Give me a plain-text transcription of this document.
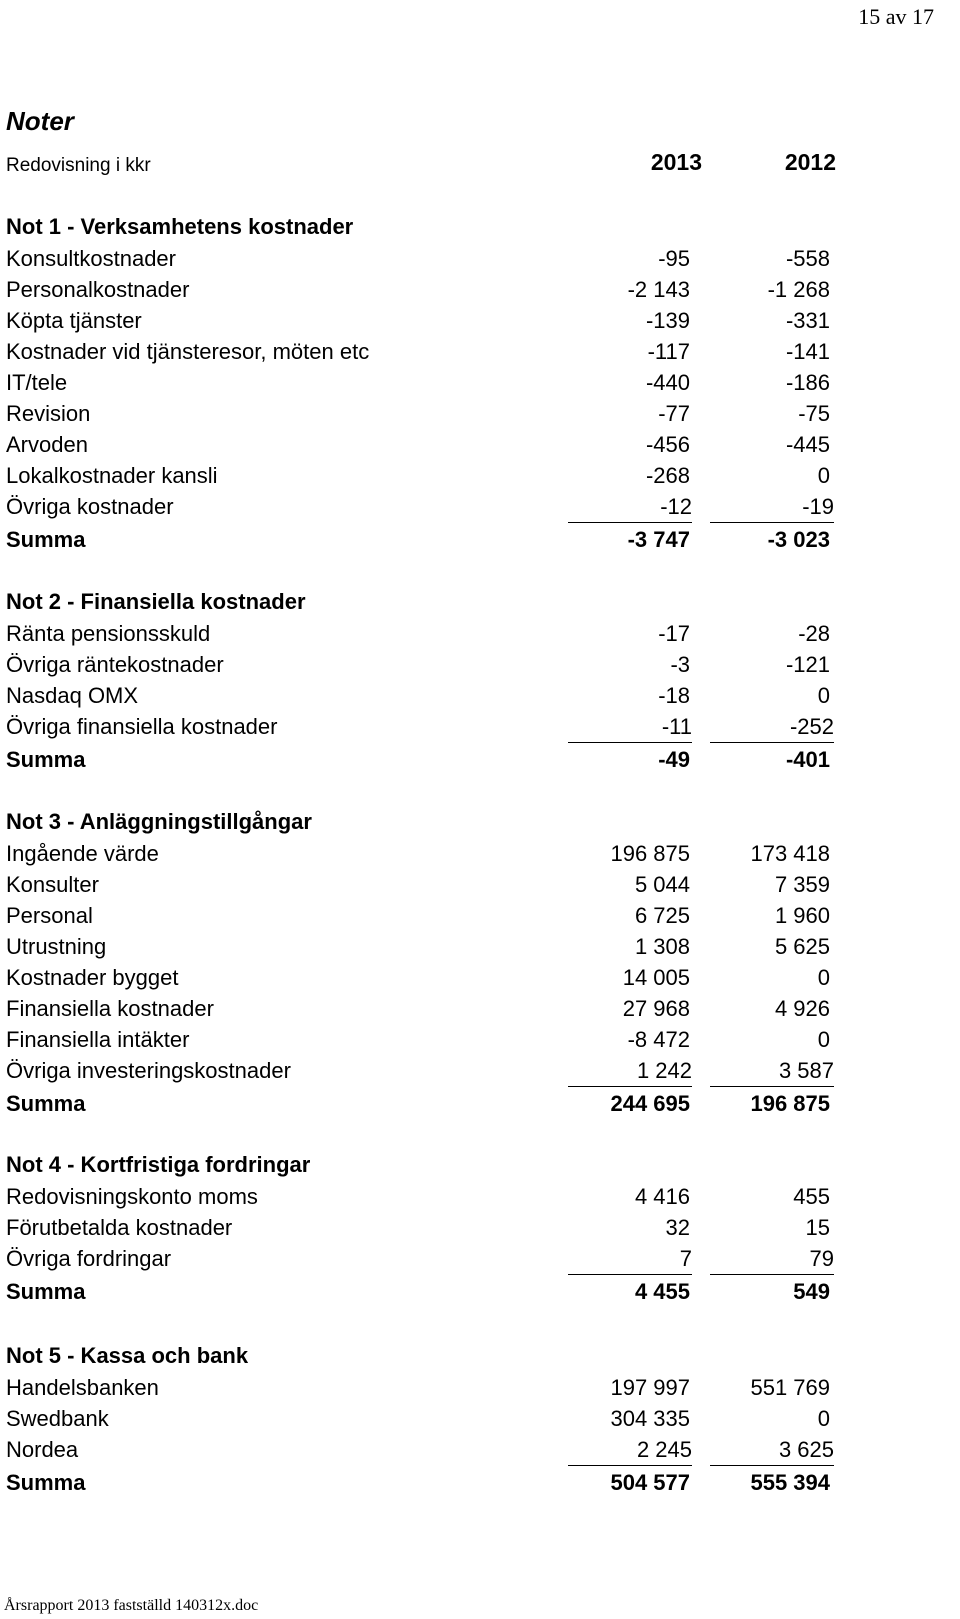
15 av 17
Noter
Redovisning i kkr	2013	2012
Not 1 - Verksamhetens kostnader
Konsultkostnader	-95	-558
Personalkostnader	-2 143	-1 268
Köpta tjänster	-139	-331
Kostnader vid tjänsteresor, möten etc	-117	-141
IT/tele	-440	-186
Revision	-77	-75
Arvoden	-456	-445
Lokalkostnader kansli	-268	0
Övriga kostnader	-12	-19
Summa	-3 747	-3 023
Not 2 - Finansiella kostnader
Ränta pensionsskuld	-17	-28
Övriga räntekostnader	-3	-121
Nasdaq OMX	-18	0
Övriga finansiella kostnader	-11	-252
Summa	-49	-401
Not 3 - Anläggningstillgångar
Ingående värde	196 875	173 418
Konsulter	5 044	7 359
Personal	6 725	1 960
Utrustning	1 308	5 625
Kostnader bygget	14 005	0
Finansiella kostnader	27 968	4 926
Finansiella intäkter	-8 472	0
Övriga investeringskostnader	1 242	3 587
Summa	244 695	196 875
Not 4 - Kortfristiga fordringar
Redovisningskonto moms	4 416	455
Förutbetalda kostnader	32	15
Övriga fordringar	7	79
Summa	4 455	549
Not 5 - Kassa och bank
Handelsbanken	197 997	551 769
Swedbank	304 335	0
Nordea	2 245	3 625
Summa	504 577	555 394
Årsrapport 2013 fastställd 140312x.doc
